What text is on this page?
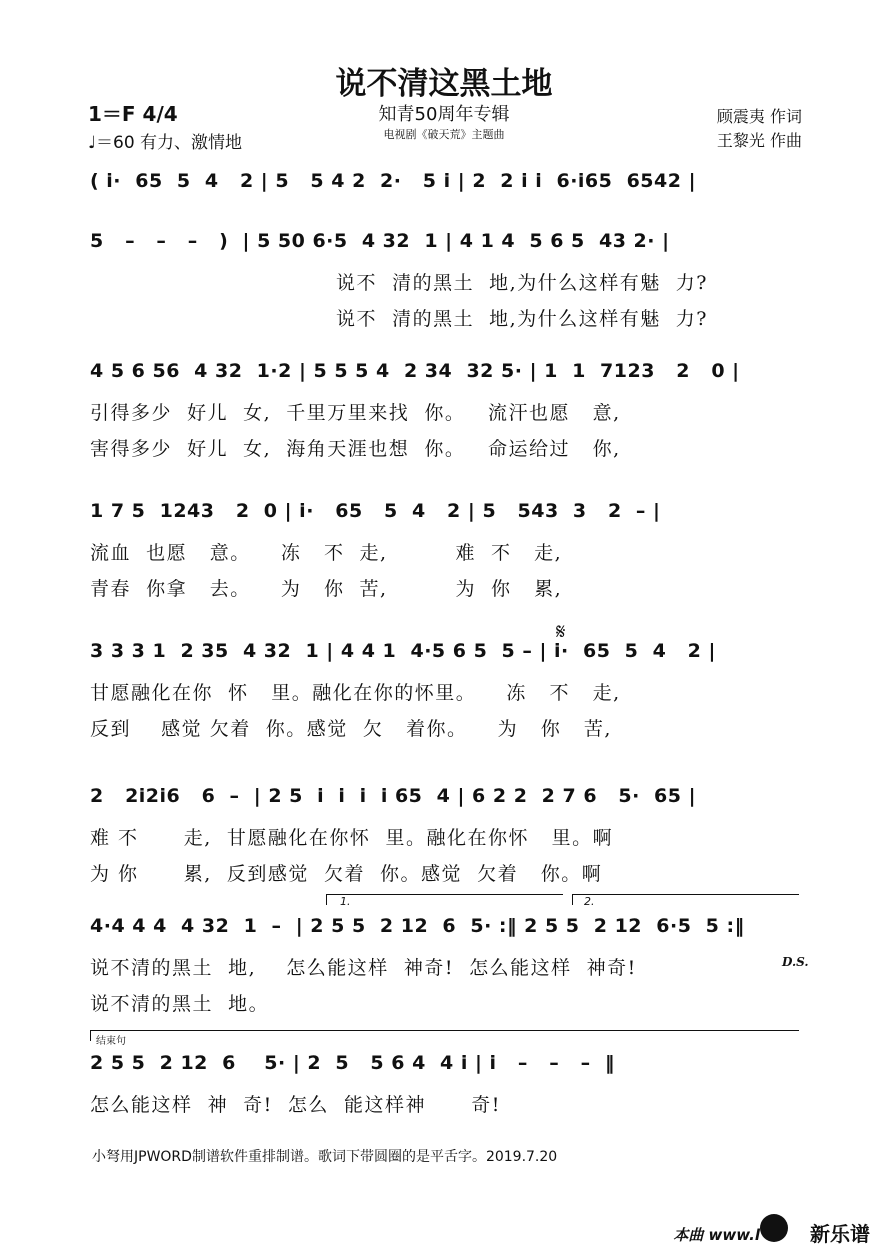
说不清这黑土地
知青50周年专辑
电视剧《破天荒》主题曲
1＝F 4/4
♩＝60 有力、激情地
顾震夷 作词
王黎光 作曲
( i·  65  5  4   2 | 5   5 4 2  2·   5 i | 2  2 i i  6·i65  6542 |
5   –   –   –   )  | 5 50 6·5  4 32  1 | 4 1 4  5 6 5  43 2· |
说不  清的黑土  地,为什么这样有魅  力?
说不  清的黑土  地,为什么这样有魅  力?
4 5 6 56  4 32  1·2 | 5 5 5 4  2 34  32 5· | 1  1  7123   2   0 |
引得多少  好儿  女,  千里万里来找  你。   流汗也愿   意,
害得多少  好儿  女,  海角天涯也想  你。   命运给过   你,
1 7 5  1243   2  0 | i·   65   5  4   2 | 5   543  3   2  – |
流血  也愿   意。    冻   不  走,         难  不   走,
青春  你拿   去。    为   你  苦,         为  你   累,
3 3 3 1  2 35  4 32  1 | 4 4 1  4·5 6 5  5 – | i·  65  5  4   2 |
甘愿融化在你  怀   里。融化在你的怀里。    冻   不   走,
反到    感觉 欠着  你。感觉  欠   着你。    为   你   苦,
2   2i2i6   6  –  | 2 5  i  i  i  i 65  4 | 6 2 2  2 7 6   5·  65 |
难 不      走,  甘愿融化在你怀  里。融化在你怀   里。啊
为 你      累,  反到感觉  欠着  你。感觉  欠着   你。啊
4·4 4 4  4 32  1  –  | 2 5 5  2 12  6  5· :‖ 2 5 5  2 12  6·5  5 :‖
说不清的黑土  地,    怎么能这样  神奇!  怎么能这样  神奇!
说不清的黑土  地。
2 5 5  2 12  6    5· | 2  5   5 6 4  4 i | i   –   –   –  ‖
怎么能这样  神  奇!  怎么  能这样神      奇!
1.	2.
D.S.
结束句
𝄋
小弩用JPWORD制谱软件重排制谱。歌词下带圆圈的是平舌字。2019.7.20
本曲 www.l	新乐谱
